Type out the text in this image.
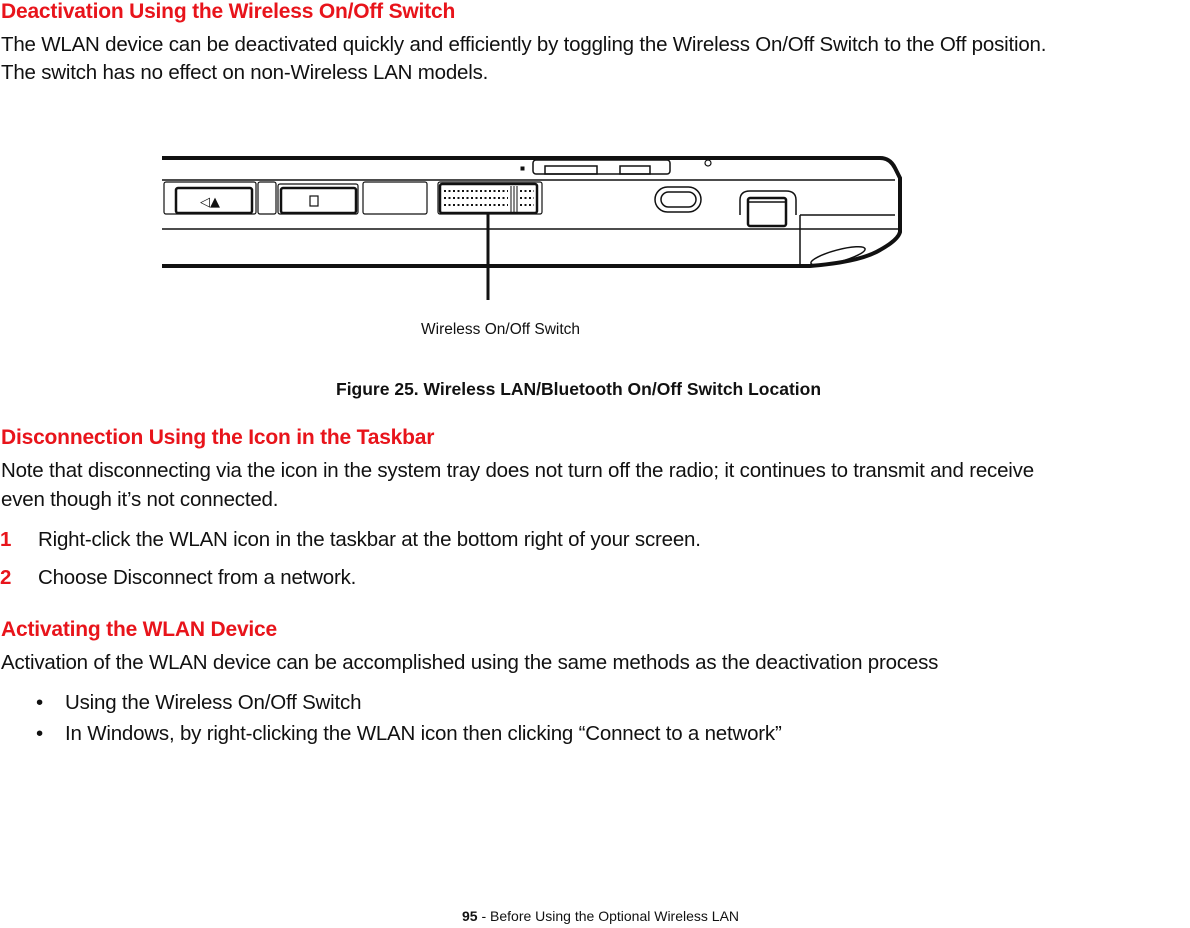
Deactivation Using the Wireless On/Off Switch
The WLAN device can be deactivated quickly and efficiently by toggling the Wireless On/Off Switch to the Off position.
The switch has no effect on non-Wireless LAN models.
◁▲
Wireless On/Off Switch
Figure 25. Wireless LAN/Bluetooth On/Off Switch Location
Disconnection Using the Icon in the Taskbar
Note that disconnecting via the icon in the system tray does not turn off the radio; it continues to transmit and receive
even though it’s not connected.
1 Right-click the WLAN icon in the taskbar at the bottom right of your screen.
2 Choose Disconnect from a network.
Activating the WLAN Device
Activation of the WLAN device can be accomplished using the same methods as the deactivation process
• Using the Wireless On/Off Switch
• In Windows, by right-clicking the WLAN icon then clicking “Connect to a network”
95 - Before Using the Optional Wireless LAN
